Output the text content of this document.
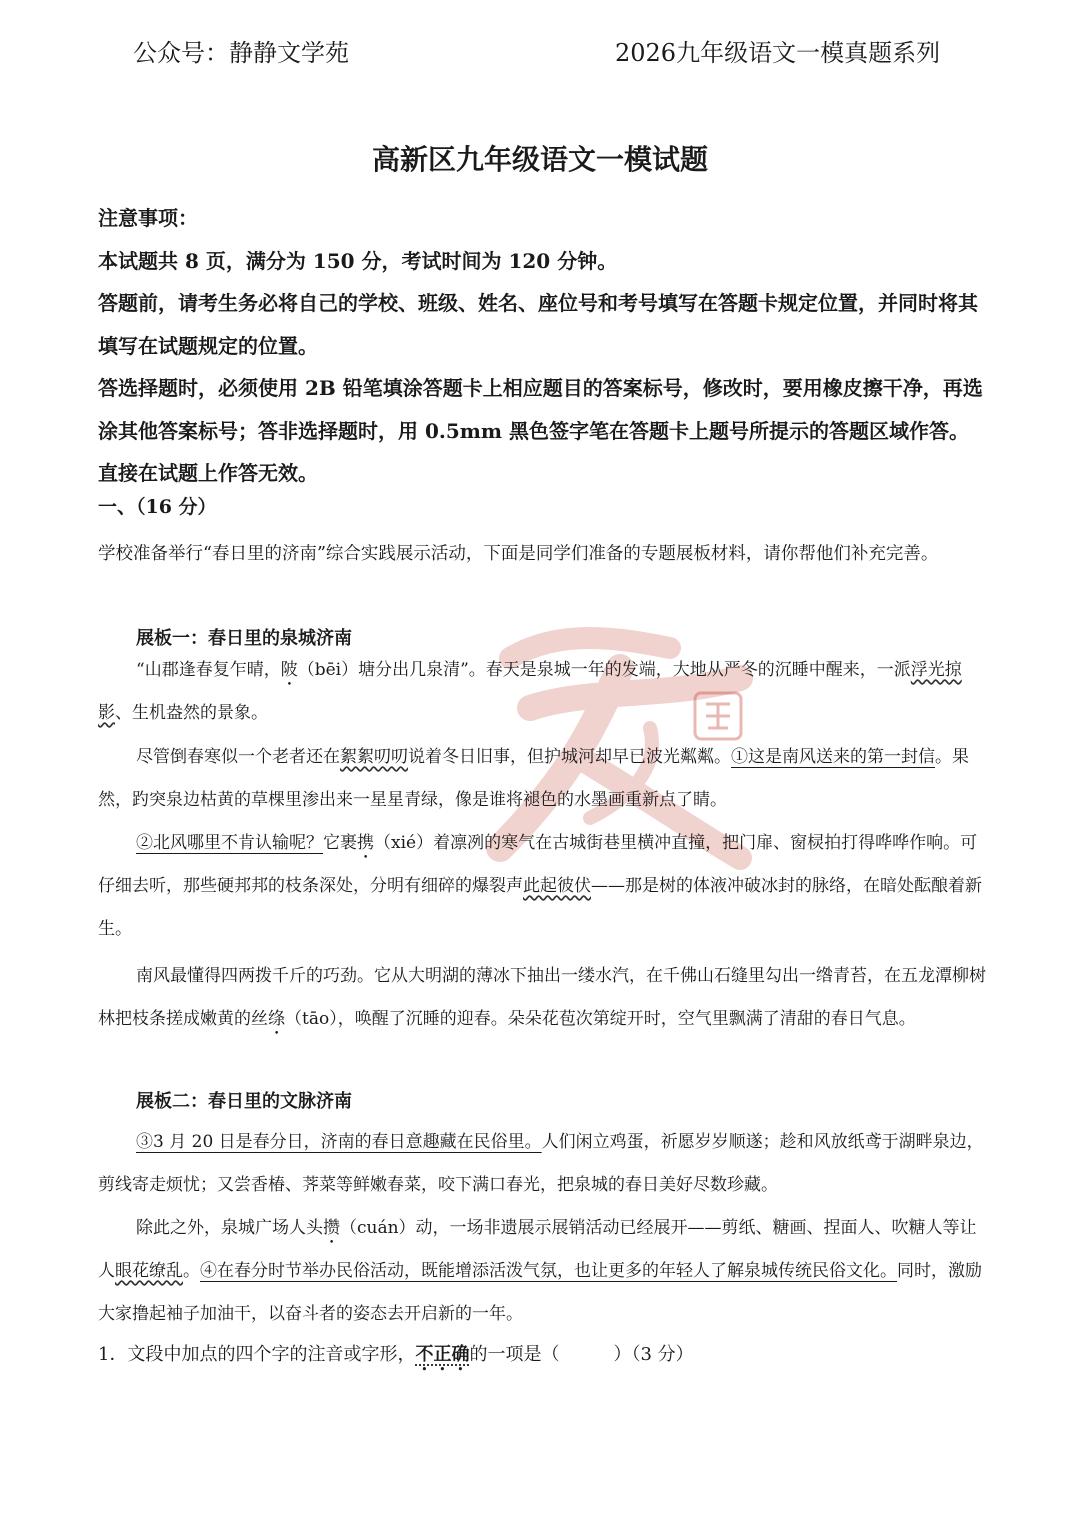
公众号：静静文学苑	2026九年级语文一模真题系列
高新区九年级语文一模试题

注意事项：

本试题共 8 页，满分为 150 分，考试时间为 120 分钟。

答题前，请考生务必将自己的学校、班级、姓名、座位号和考号填写在答题卡规定位置，并同时将其填写在试题规定的位置。

答选择题时，必须使用 2B 铅笔填涂答题卡上相应题目的答案标号，修改时，要用橡皮擦干净，再选涂其他答案标号；答非选择题时，用 0.5mm 黑色签字笔在答题卡上题号所提示的答题区域作答。直接在试题上作答无效。

一、（16 分）

学校准备举行“春日里的济南”综合实践展示活动，下面是同学们准备的专题展板材料，请你帮他们补充完善。

展板一：春日里的泉城济南

“山郡逢春复乍晴，陂（bēi）塘分出几泉清”。春天是泉城一年的发端，大地从严冬的沉睡中醒来，一派浮光掠影、生机盎然的景象。

尽管倒春寒似一个老者还在絮絮叨叨说着冬日旧事，但护城河却早已波光粼粼。①这是南风送来的第一封信。果然，趵突泉边枯黄的草棵里渗出来一星星青绿，像是谁将褪色的水墨画重新点了睛。

②北风哪里不肯认输呢？它裹携（xié）着凛冽的寒气在古城街巷里横冲直撞，把门扉、窗棂拍打得哗哗作响。可仔细去听，那些硬邦邦的枝条深处，分明有细碎的爆裂声此起彼伏——那是树的体液冲破冰封的脉络，在暗处酝酿着新生。

南风最懂得四两拨千斤的巧劲。它从大明湖的薄冰下抽出一缕水汽，在千佛山石缝里勾出一绺青苔，在五龙潭柳树林把枝条搓成嫩黄的丝绦（tāo），唤醒了沉睡的迎春。朵朵花苞次第绽开时，空气里飘满了清甜的春日气息。

展板二：春日里的文脉济南

③3 月 20 日是春分日，济南的春日意趣藏在民俗里。人们闲立鸡蛋，祈愿岁岁顺遂；趁和风放纸鸢于湖畔泉边，剪线寄走烦忧；又尝香椿、荠菜等鲜嫩春菜，咬下满口春光，把泉城的春日美好尽数珍藏。

除此之外，泉城广场人头攒（cuán）动，一场非遗展示展销活动已经展开——剪纸、糖画、捏面人、吹糖人等让人眼花缭乱。④在春分时节举办民俗活动，既能增添活泼气氛，也让更多的年轻人了解泉城传统民俗文化。同时，激励大家撸起袖子加油干，以奋斗者的姿态去开启新的一年。

1．文段中加点的四个字的注音或字形，不正确的一项是（　　　）（3 分）
